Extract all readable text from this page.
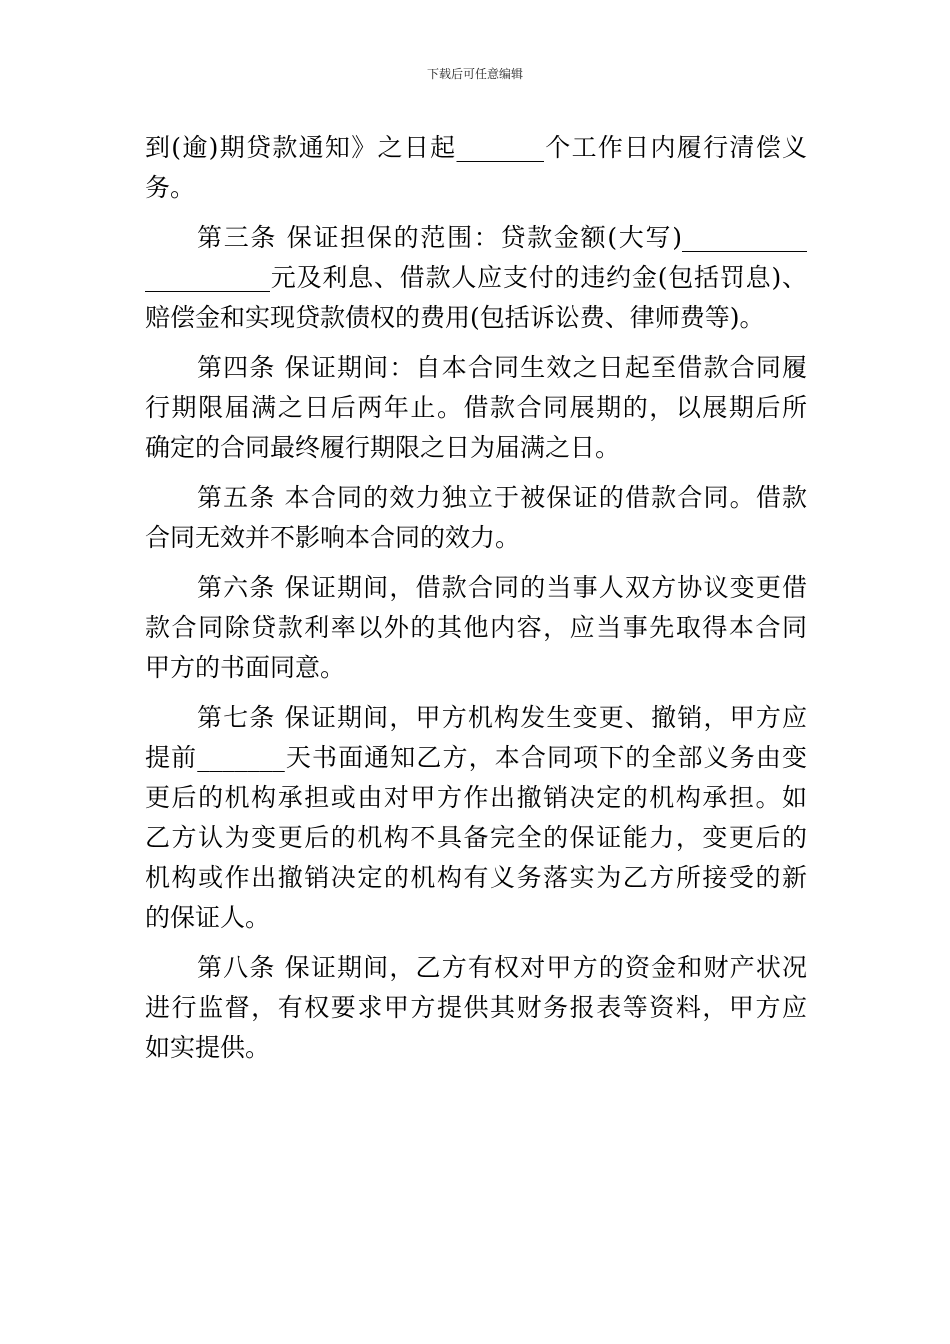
下载后可任意编辑
到(逾)期贷款通知》之日起_______个工作日内履行清偿义
务。
第三条 保证担保的范围：贷款金额(大写)__________
__________元及利息、借款人应支付的违约金(包括罚息)、
赔偿金和实现贷款债权的费用(包括诉讼费、律师费等)。
第四条 保证期间：自本合同生效之日起至借款合同履
行期限届满之日后两年止。借款合同展期的，以展期后所
确定的合同最终履行期限之日为届满之日。
第五条 本合同的效力独立于被保证的借款合同。借款
合同无效并不影响本合同的效力。
第六条 保证期间，借款合同的当事人双方协议变更借
款合同除贷款利率以外的其他内容，应当事先取得本合同
甲方的书面同意。
第七条 保证期间，甲方机构发生变更、撤销，甲方应
提前_______天书面通知乙方，本合同项下的全部义务由变
更后的机构承担或由对甲方作出撤销决定的机构承担。如
乙方认为变更后的机构不具备完全的保证能力，变更后的
机构或作出撤销决定的机构有义务落实为乙方所接受的新
的保证人。
第八条 保证期间，乙方有权对甲方的资金和财产状况
进行监督，有权要求甲方提供其财务报表等资料，甲方应
如实提供。
